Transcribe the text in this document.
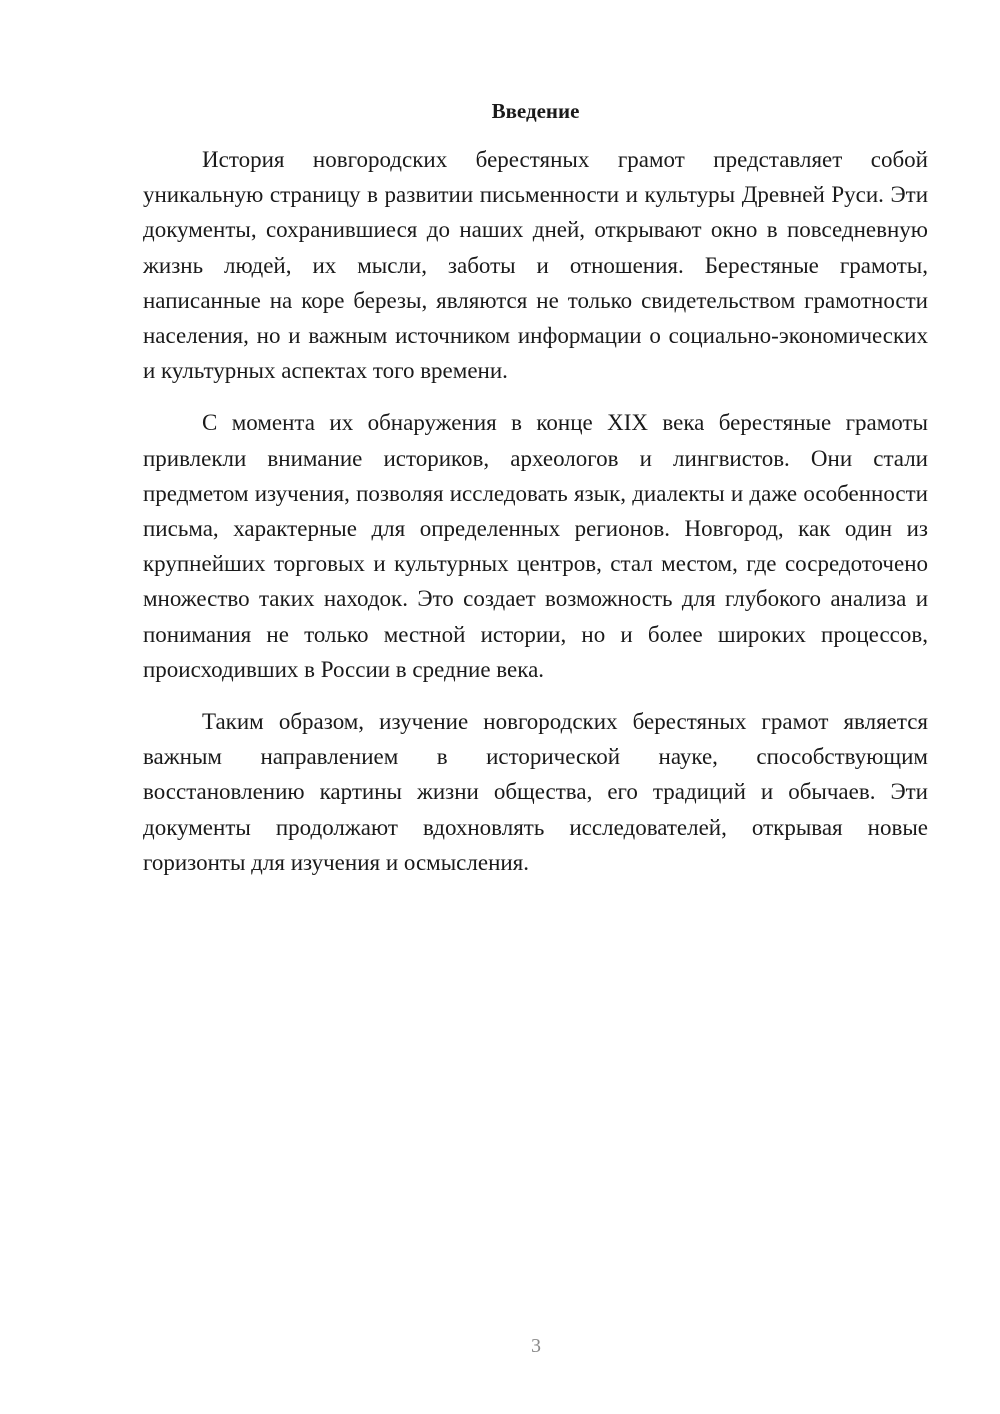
Введение

История новгородских берестяных грамот представляет собой уникальную страницу в развитии письменности и культуры Древней Руси. Эти документы, сохранившиеся до наших дней, открывают окно в повседневную жизнь людей, их мысли, заботы и отношения. Берестяные грамоты, написанные на коре березы, являются не только свидетельством грамотности населения, но и важным источником информации о социально-экономических и культурных аспектах того времени.

С момента их обнаружения в конце XIX века берестяные грамоты привлекли внимание историков, археологов и лингвистов. Они стали предметом изучения, позволяя исследовать язык, диалекты и даже особенности письма, характерные для определенных регионов. Новгород, как один из крупнейших торговых и культурных центров, стал местом, где сосредоточено множество таких находок. Это создает возможность для глубокого анализа и понимания не только местной истории, но и более широких процессов, происходивших в России в средние века.

Таким образом, изучение новгородских берестяных грамот является важным направлением в исторической науке, способствующим восстановлению картины жизни общества, его традиций и обычаев. Эти документы продолжают вдохновлять исследователей, открывая новые горизонты для изучения и осмысления.

3
